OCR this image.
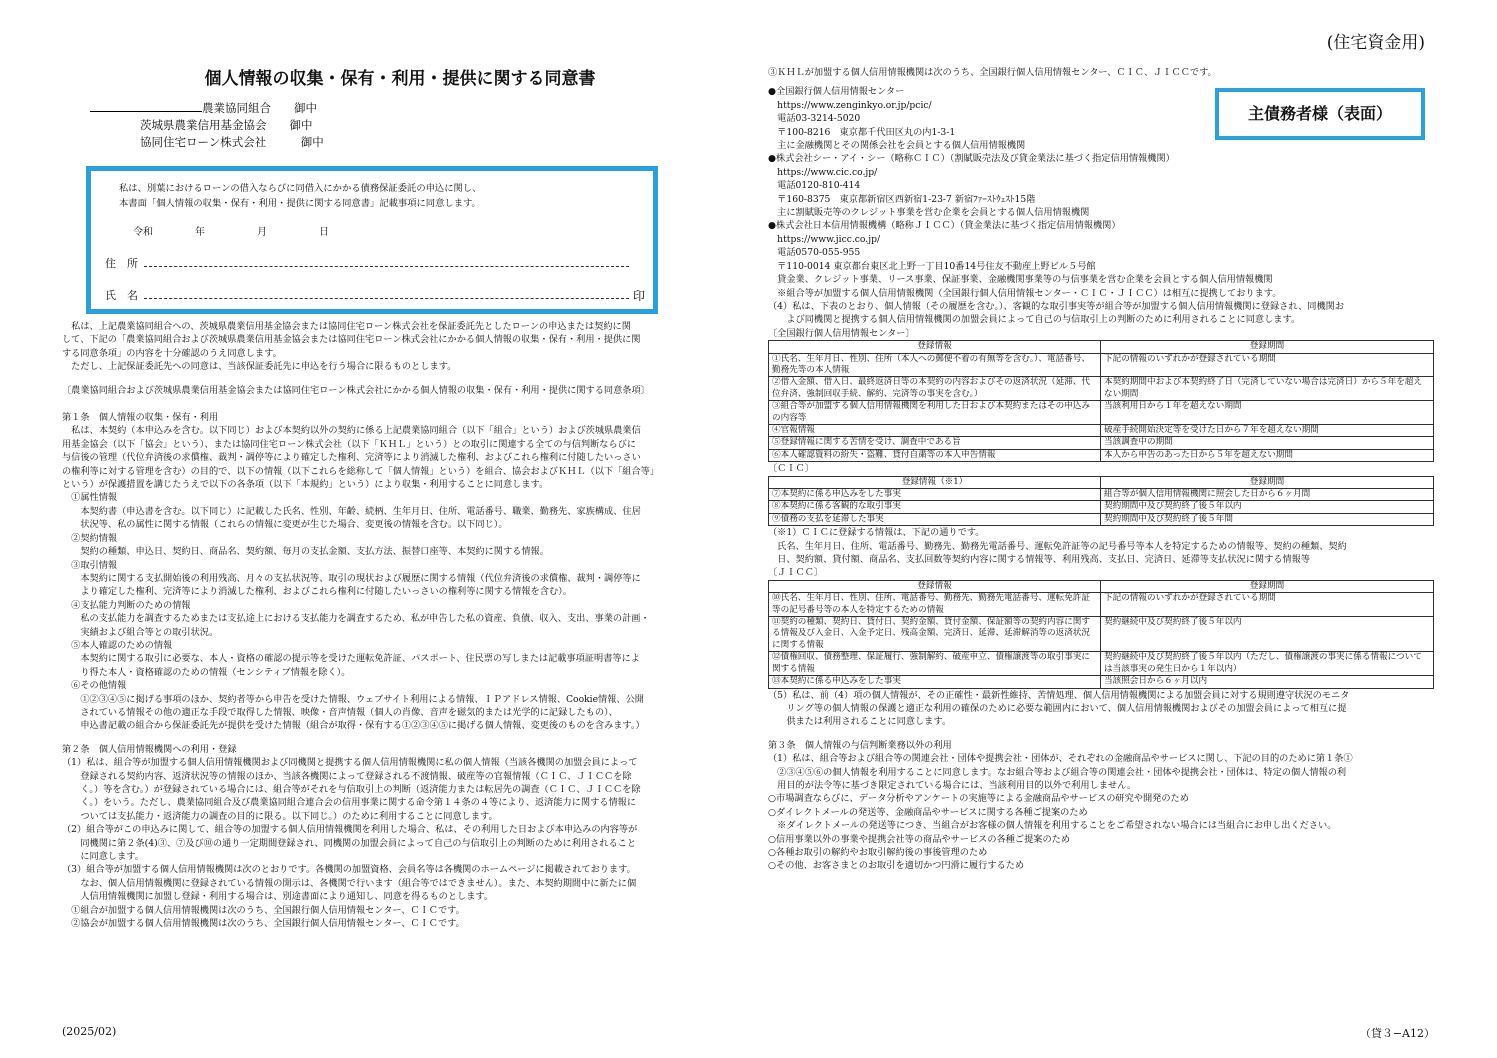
(住宅資金用)
個人情報の収集・保有・利用・提供に関する同意書
農業協同組合　　 御中
茨城県農業信用基金協会　　 御中
協同住宅ローン株式会社　　　	御中
私は、別葉におけるローンの借入ならびに同借入にかかる債務保証委託の申込に関し、
本書面「個人情報の収集・保有・利用・提供に関する同意書」記載事項に同意します。
令和	年	月	日
住　所
氏　名	印

　私は、上記農業協同組合への、茨城県農業信用基金協会または協同住宅ローン株式会社を保証委託先としたローンの申込または契約に関

して、下記の「農業協同組合および茨城県農業信用基金協会または協同住宅ローン株式会社にかかる個人情報の収集・保有・利用・提供に関

する同意条項」の内容を十分確認のうえ同意します。

　ただし、上記保証委託先への同意は、当該保証委託先に申込を行う場合に限るものとします。

〔農業協同組合および茨城県農業信用基金協会または協同住宅ローン株式会社にかかる個人情報の収集・保有・利用・提供に関する同意条項〕

第１条　個人情報の収集・保有・利用

　私は、本契約（本申込みを含む。以下同じ）および本契約以外の契約に係る上記農業協同組合（以下「組合」という）および茨城県農業信

用基金協会（以下「協会」という）、または協同住宅ローン株式会社（以下「ＫＨＬ」という）との取引に関連する全ての与信判断ならびに

与信後の管理（代位弁済後の求償権、裁判・調停等により確定した権利、完済等により消滅した権利、およびこれら権利に付随したいっさい

の権利等に対する管理を含む）の目的で、以下の情報（以下これらを総称して「個人情報」という）を組合、協会およびＫＨＬ（以下「組合等」

という）が保護措置を講じたうえで以下の各条項（以下「本規約」という）により収集・利用することに同意します。

　①属性情報

　　本契約書（申込書を含む。以下同じ）に記載した氏名、性別、年齢、続柄、生年月日、住所、電話番号、職業、勤務先、家族構成、住居

　　状況等、私の属性に関する情報（これらの情報に変更が生じた場合、変更後の情報を含む。以下同じ）。

　②契約情報

　　契約の種類、申込日、契約日、商品名、契約額、毎月の支払金額、支払方法、振替口座等、本契約に関する情報。

　③取引情報

　　本契約に関する支払開始後の利用残高、月々の支払状況等、取引の現状および履歴に関する情報（代位弁済後の求償権、裁判・調停等に

　　より確定した権利、完済等により消滅した権利、およびこれら権利に付随したいっさいの権利等に関する情報を含む）。

　④支払能力判断のための情報

　　私の支払能力を調査するためまたは支払途上における支払能力を調査するため、私が申告した私の資産、負債、収入、支出、事業の計画・

　　実績および組合等との取引状況。

　⑤本人確認のための情報

　　本契約に関する取引に必要な、本人・資格の確認の提示等を受けた運転免許証、パスポート、住民票の写しまたは記載事項証明書等によ

　　り得た本人・資格確認のための情報（センシティブ情報を除く）。

　⑥その他情報

　　①②③④⑤に掲げる事項のほか、契約者等から申告を受けた情報、ウェブサイト利用による情報、ＩＰアドレス情報、Cookie情報、公開

　　されている情報その他の適正な手段で取得した情報、映像・音声情報（個人の肖像、音声を磁気的または光学的に記録したもの）、

　　申込書記載の組合から保証委託先が提供を受けた情報（組合が取得・保有する①②③④⑤に掲げる個人情報、変更後のものを含みます。）

第２条　個人信用情報機関への利用・登録

（1）私は、組合等が加盟する個人信用情報機関および同機関と提携する個人信用情報機関に私の個人情報（当該各機関の加盟会員によって

　　登録される契約内容、返済状況等の情報のほか、当該各機関によって登録される不渡情報、破産等の官報情報（ＣＩＣ、ＪＩＣＣを除

　　く。）等を含む。）が登録されている場合には、組合等がそれを与信取引上の判断（返済能力または転居先の調査（ＣＩＣ、ＪＩＣＣを除

　　く。）をいう。ただし、農業協同組合及び農業協同組合連合会の信用事業に関する命令第１４条の４等により、返済能力に関する情報に

　　ついては支払能力・返済能力の調査の目的に限る。以下同じ。）のために利用することに同意します。

（2）組合等がこの申込みに関して、組合等の加盟する個人信用情報機関を利用した場合、私は、その利用した日および本申込みの内容等が

　　同機関に第２条(4)③、⑦及び⑩の通り一定期間登録され、同機関の加盟会員によって自己の与信取引上の判断のために利用されること

　　に同意します。

（3）組合等が加盟する個人信用情報機関は次のとおりです。各機関の加盟資格、会員名等は各機関のホームページに掲載されております。

　　なお、個人信用情報機関に登録されている情報の開示は、各機関で行います（組合等ではできません）。また、本契約期間中に新たに個

　　人信用情報機関に加盟し登録・利用する場合は、別途書面により通知し、同意を得るものとします。

　①組合が加盟する個人信用情報機関は次のうち、全国銀行個人信用情報センター、ＣＩＣです。

　②協会が加盟する個人信用情報機関は次のうち、全国銀行個人信用情報センター、ＣＩＣです。

主債務者様（表面）

③ＫＨＬが加盟する個人信用情報機関は次のうち、全国銀行個人信用情報センター、ＣＩＣ、ＪＩＣＣです。

●全国銀行個人信用情報センター

　https://www.zenginkyo.or.jp/pcic/

　電話03-3214-5020

　〒100-8216　東京都千代田区丸の内1-3-1

　主に金融機関とその関係会社を会員とする個人信用情報機関

●株式会社シー・アイ・シー（略称ＣＩＣ）（割賦販売法及び貸金業法に基づく指定信用情報機関）

　https://www.cic.co.jp/

　電話0120-810-414

　〒160-8375　東京都新宿区西新宿1-23-7 新宿ﾌｧｰｽﾄｳｪｽﾄ15階

　主に割賦販売等のクレジット事業を営む企業を会員とする個人信用情報機関

●株式会社日本信用情報機構（略称ＪＩＣＣ）（貸金業法に基づく指定信用情報機関）

　https://www.jicc.co.jp/

　電話0570-055-955

　〒110-0014 東京都台東区北上野一丁目10番14号住友不動産上野ビル５号館

　貸金業、クレジット事業、リース事業、保証事業、金融機関事業等の与信事業を営む企業を会員とする個人信用情報機関

　※組合等が加盟する個人信用情報機関（全国銀行個人信用情報センター・ＣＩＣ・ＪＩＣＣ）は相互に提携しております。

（4）私は、下表のとおり、個人情報（その履歴を含む。）、客観的な取引事実等が組合等が加盟する個人信用情報機関に登録され、同機関お

　　よび同機関と提携する個人信用情報機関の加盟会員によって自己の与信取引上の判断のために利用されることに同意します。

〔全国銀行個人信用情報センター〕

登録情報	登録期間
①氏名、生年月日、性別、住所（本人への郵便不着の有無等を含む。）、電話番号、勤務先等の本人情報	下記の情報のいずれかが登録されている期間
②借入金額、借入日、最終返済日等の本契約の内容およびその返済状況（延滞、代位弁済、強制回収手続、解約、完済等の事実を含む。）	本契約期間中および本契約終了日（完済していない場合は完済日）から５年を超えない期間
③組合等が加盟する個人信用情報機関を利用した日および本契約またはその申込みの内容等	当該利用日から１年を超えない期間
④官報情報	破産手続開始決定等を受けた日から７年を超えない期間
⑤登録情報に関する苦情を受け、調査中である旨	当該調査中の期間
⑥本人確認資料の紛失・盗難、貸付自粛等の本人申告情報	本人から申告のあった日から５年を超えない期間

〔ＣＩＣ〕

登録情報（※1）	登録期間
⑦本契約に係る申込みをした事実	組合等が個人信用情報機関に照会した日から６ヶ月間
⑧本契約に係る客観的な取引事実	契約期間中及び契約終了後５年以内
⑨債務の支払を延滞した事実	契約期間中及び契約終了後５年間

（※1）ＣＩＣに登録する情報は、下記の通りです。

　氏名、生年月日、住所、電話番号、勤務先、勤務先電話番号、運転免許証等の記号番号等本人を特定するための情報等、契約の種類、契約

　日、契約額、貸付額、商品名、支払回数等契約内容に関する情報等、利用残高、支払日、完済日、延滞等支払状況に関する情報等

〔ＪＩＣＣ〕

登録情報	登録期間
⑩氏名、生年月日、性別、住所、電話番号、勤務先、勤務先電話番号、運転免許証等の記号番号等の本人を特定するための情報	下記の情報のいずれかが登録されている期間
⑪契約の種類、契約日、貸付日、契約金額、貸付金額、保証額等の契約内容に関する情報及び入金日、入金予定日、残高金額、完済日、延滞、延滞解消等の返済状況に関する情報	契約継続中及び契約終了後５年以内
⑫債権回収、債務整理、保証履行、強制解約、破産申立、債権譲渡等の取引事実に関する情報	契約継続中及び契約終了後５年以内（ただし、債権譲渡の事実に係る情報については当該事実の発生日から１年以内）
⑬本契約に係る申込みをした事実	当該照会日から６ヶ月以内

（5）私は、前（4）項の個人情報が、その正確性・最新性維持、苦情処理、個人信用情報機関による加盟会員に対する規則遵守状況のモニタ

　　リング等の個人情報の保護と適正な利用の確保のために必要な範囲内において、個人信用情報機関およびその加盟会員によって相互に提

　　供または利用されることに同意します。

第３条　個人情報の与信判断業務以外の利用

（1）私は、組合等および組合等の関連会社・団体や提携会社・団体が、それぞれの金融商品やサービスに関し、下記の目的のために第１条①

　②③④⑤⑥の個人情報を利用することに同意します。なお組合等および組合等の関連会社・団体や提携会社・団体は、特定の個人情報の利

　用目的が法令等に基づき限定されている場合には、当該利用目的以外で利用しません。

○市場調査ならびに、データ分析やアンケートの実施等による金融商品やサービスの研究や開発のため

○ダイレクトメールの発送等、金融商品やサービスに関する各種ご提案のため

　※ダイレクトメールの発送等につき、当組合がお客様の個人情報を利用することをご希望されない場合には当組合にお申し出ください。

○信用事業以外の事業や提携会社等の商品やサービスの各種ご提案のため

○各種お取引の解約やお取引解約後の事後管理のため

○その他、お客さまとのお取引を適切かつ円滑に履行するため

(2025/02)	（貸３−A12）
